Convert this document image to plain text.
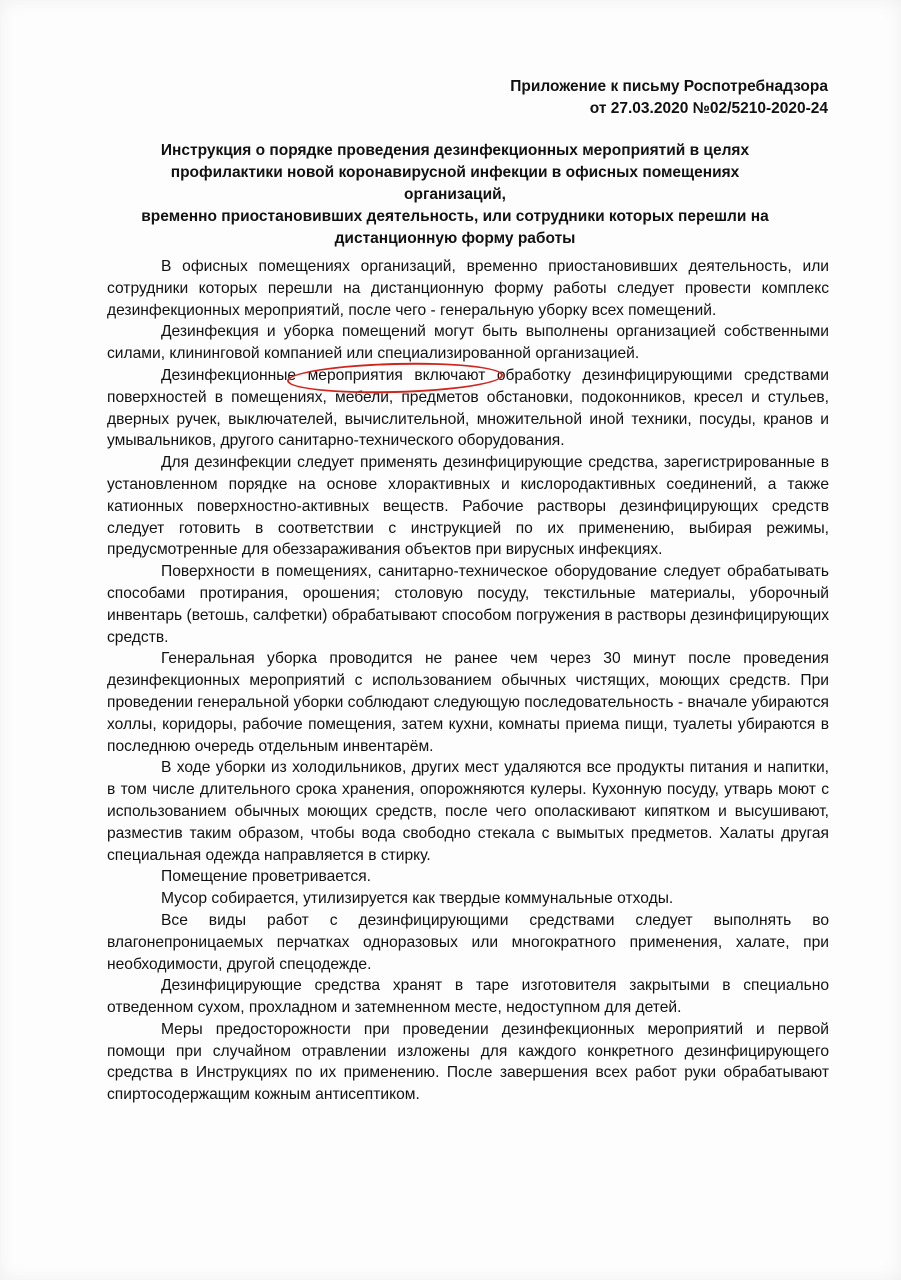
Приложение к письму Роспотребнадзора
от 27.03.2020 №02/5210-2020-24
Инструкция о порядке проведения дезинфекционных мероприятий в целях
профилактики новой коронавирусной инфекции в офисных помещениях организаций,
временно приостановивших деятельность, или сотрудники которых перешли на
дистанционную форму работы

В офисных помещениях организаций, временно приостановивших деятельность, или сотрудники которых перешли на дистанционную форму работы следует провести комплекс дезинфекционных мероприятий, после чего - генеральную уборку всех помещений.

Дезинфекция и уборка помещений могут быть выполнены организацией собственными силами, клининговой компанией или специализированной организацией.

Дезинфекционные мероприятия включают обработку дезинфицирующими средствами поверхностей в помещениях, мебели, предметов обстановки, подоконников, кресел и стульев, дверных ручек, выключателей, вычислительной, множительной иной техники, посуды, кранов и умывальников, другого санитарно-технического оборудования.

Для дезинфекции следует применять дезинфицирующие средства, зарегистрированные в установленном порядке на основе хлорактивных и кислородактивных соединений, а также катионных поверхностно-активных веществ. Рабочие растворы дезинфицирующих средств следует готовить в соответствии с инструкцией по их применению, выбирая режимы, предусмотренные для обеззараживания объектов при вирусных инфекциях.

Поверхности в помещениях, санитарно-техническое оборудование следует обрабатывать способами протирания, орошения; столовую посуду, текстильные материалы, уборочный инвентарь (ветошь, салфетки) обрабатывают способом погружения в растворы дезинфицирующих средств.

Генеральная уборка проводится не ранее чем через 30 минут после проведения дезинфекционных мероприятий с использованием обычных чистящих, моющих средств. При проведении генеральной уборки соблюдают следующую последовательность - вначале убираются холлы, коридоры, рабочие помещения, затем кухни, комнаты приема пищи, туалеты убираются в последнюю очередь отдельным инвентарём.

В ходе уборки из холодильников, других мест удаляются все продукты питания и напитки, в том числе длительного срока хранения, опорожняются кулеры. Кухонную посуду, утварь моют с использованием обычных моющих средств, после чего ополаскивают кипятком и высушивают, разместив таким образом, чтобы вода свободно стекала с вымытых предметов. Халаты другая специальная одежда направляется в стирку.

Помещение проветривается.

Мусор собирается, утилизируется как твердые коммунальные отходы.

Все виды работ с дезинфицирующими средствами следует выполнять во влагонепроницаемых перчатках одноразовых или многократного применения, халате, при необходимости, другой спецодежде.

Дезинфицирующие средства хранят в таре изготовителя закрытыми в специально отведенном сухом, прохладном и затемненном месте, недоступном для детей.

Меры предосторожности при проведении дезинфекционных мероприятий и первой помощи при случайном отравлении изложены для каждого конкретного дезинфицирующего средства в Инструкциях по их применению. После завершения всех работ руки обрабатывают спиртосодержащим кожным антисептиком.
